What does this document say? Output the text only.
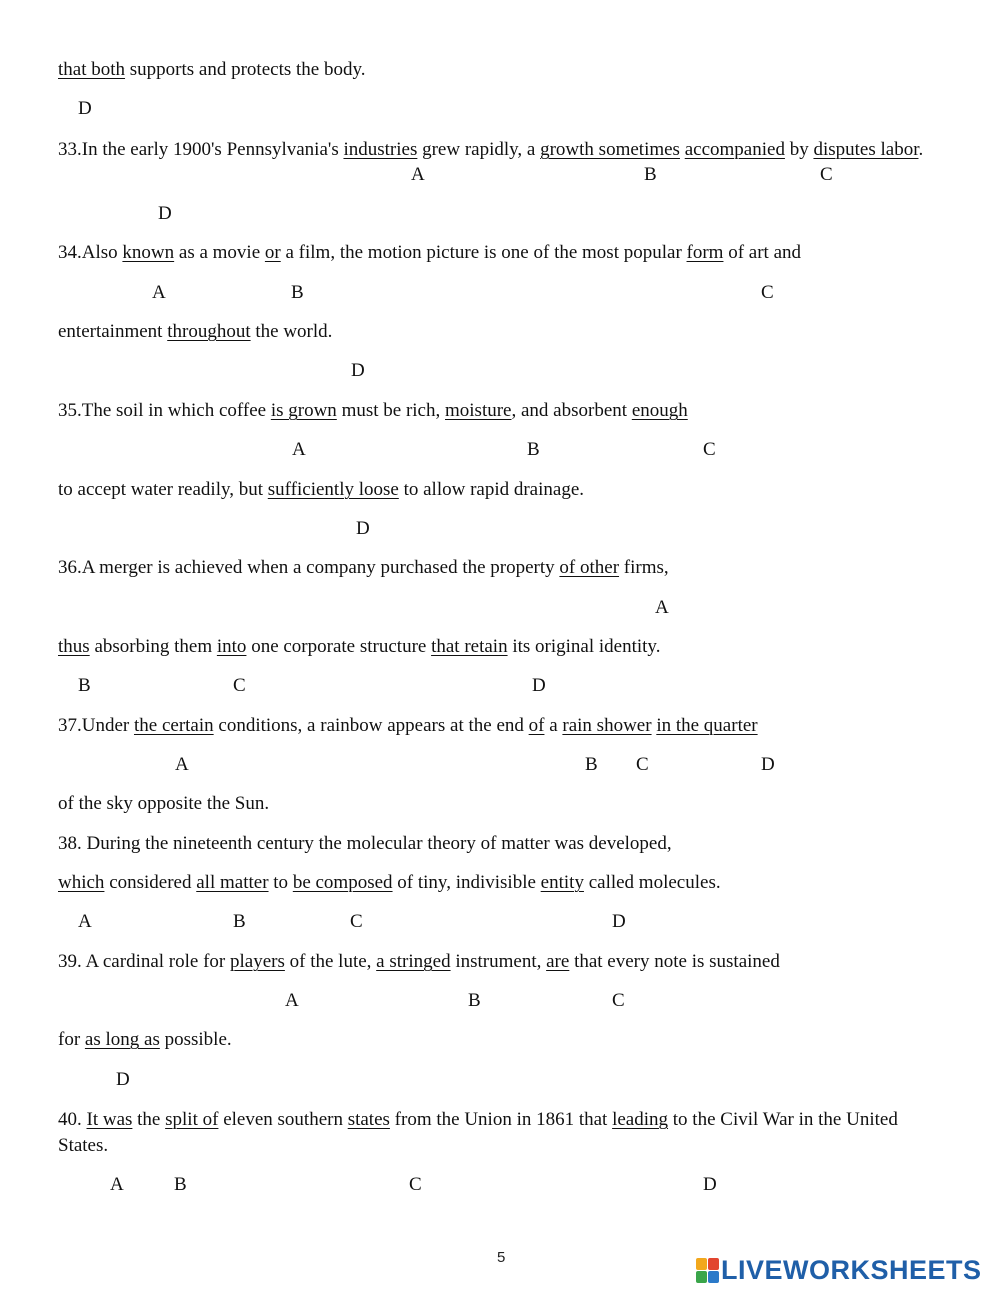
that both supports and protects the body.
D
33.In the early 1900's Pennsylvania's industries grew rapidly, a growth sometimes accompanied by disputes labor.
A	B	C
D
34.Also known as a movie or a film, the motion picture is one of the most popular form of art and
A	B	C
entertainment throughout the world.
D
35.The soil in which coffee is grown must be rich, moisture, and absorbent enough
A	B	C
to accept water readily, but sufficiently loose to allow rapid drainage.
D
36.A merger is achieved when a company purchased the property of other firms,
A
thus absorbing them into one corporate structure that retain its original identity.
B	C	D
37.Under the certain conditions, a rainbow appears at the end of a rain shower in the quarter
A	B C	D
of the sky opposite the Sun.
38. During the nineteenth century the molecular theory of matter was developed,
which considered all matter to be composed of tiny, indivisible entity called molecules.
A	B	C	D
39. A cardinal role for players of the lute, a stringed instrument, are that every note is sustained
A	B	C
for as long as possible.
D
40. It was the split of eleven southern states from the Union in 1861 that leading to the Civil War in the United States.
A	B	C	D
5	LIVEWORKSHEETS
